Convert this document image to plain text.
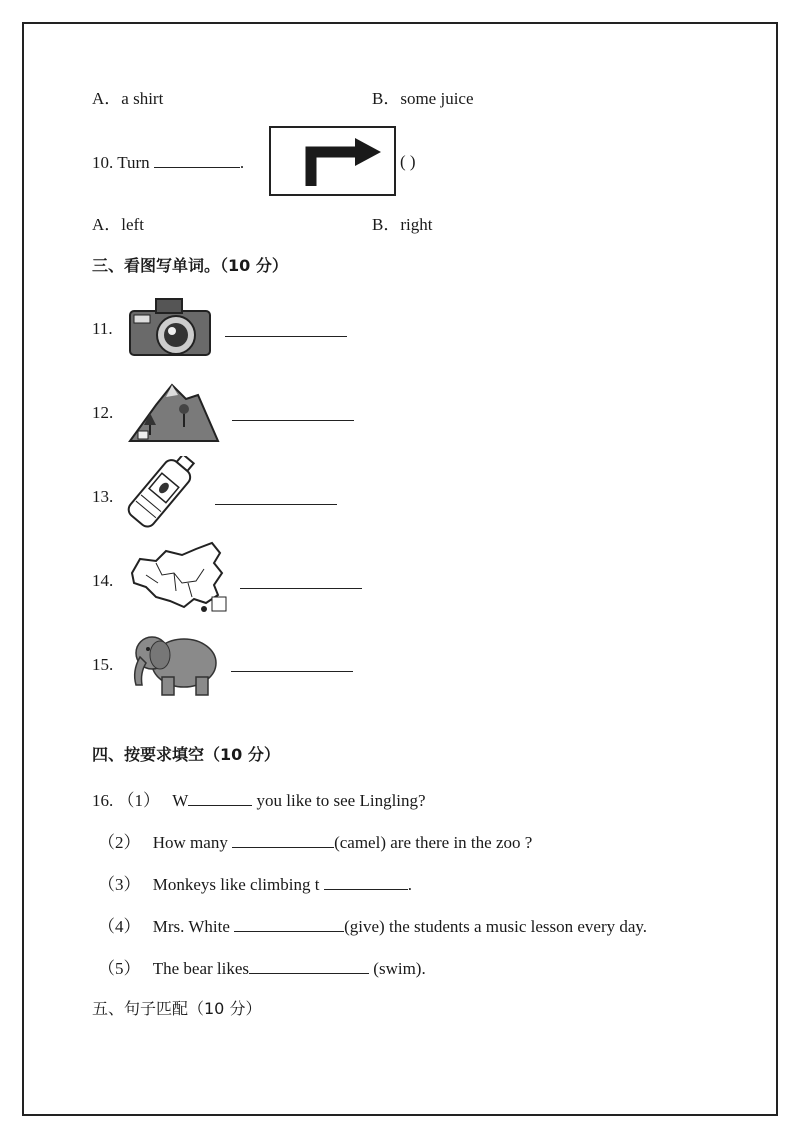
A．a shirt	B．some juice
10. Turn	.	( )
A．left	B．right
三、看图写单词。（10 分）
11.
12.
13.
14.
15.
四、按要求填空（10 分）
16. （1） W	you like to see Lingling?
（2） How many	(camel) are there in the zoo ?
（3） Monkeys like climbing t	.
（4） Mrs. White	(give) the students a music lesson every day.
（5） The bear likes	(swim).
五、句子匹配（10 分）
